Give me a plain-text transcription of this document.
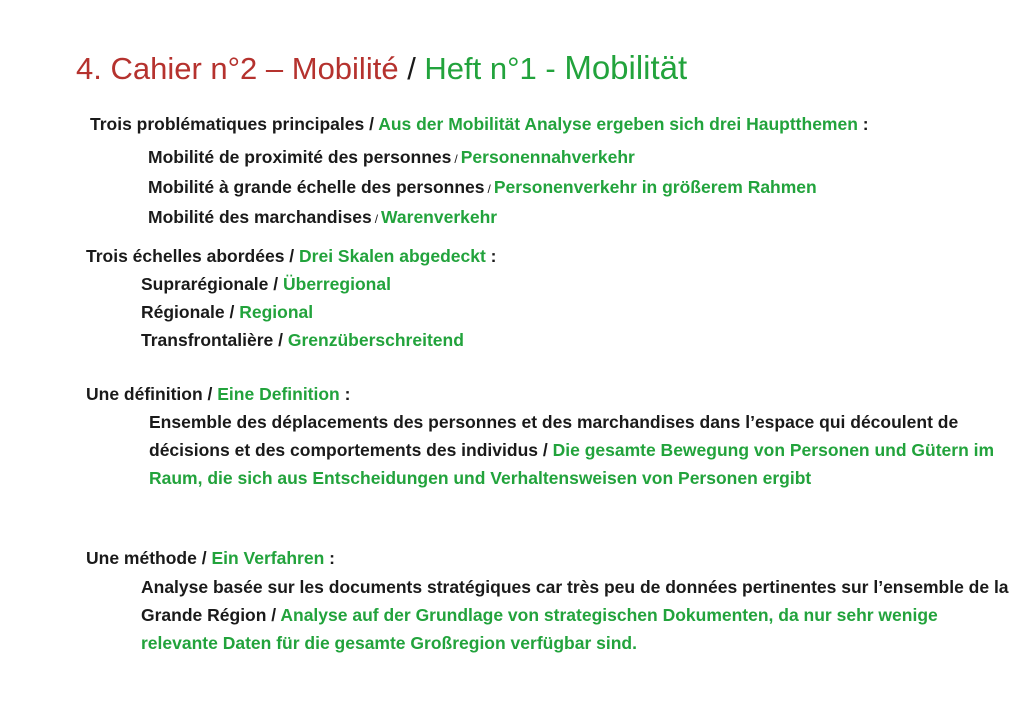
4. Cahier n°2 – Mobilité / Heft n°1 - Mobilität
Trois problématiques principales / Aus der Mobilität Analyse ergeben sich drei Hauptthemen :
Mobilité de proximité des personnes / Personennahverkehr
Mobilité à grande échelle des personnes / Personenverkehr in größerem Rahmen
Mobilité des marchandises / Warenverkehr
Trois échelles abordées / Drei Skalen abgedeckt :
Suprarégionale / Überregional
Régionale / Regional
Transfrontalière / Grenzüberschreitend
Une définition / Eine Definition :
Ensemble des déplacements des personnes et des marchandises dans l’espace qui découlent de décisions et des comportements des individus / Die gesamte Bewegung von Personen und Gütern im Raum, die sich aus Entscheidungen und Verhaltensweisen von Personen ergibt
Une méthode / Ein Verfahren :
Analyse basée sur les documents stratégiques car très peu de données pertinentes sur l’ensemble de la Grande Région / Analyse auf der Grundlage von strategischen Dokumenten, da nur sehr wenige relevante Daten für die gesamte Großregion verfügbar sind.
